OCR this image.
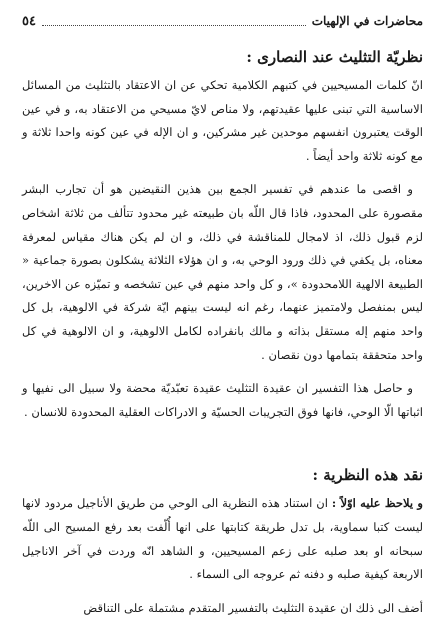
محاضرات في الإلهيات
٥٤
نظريّة التثليث عند النصارى :

انّ كلمات المسيحيين في كتبهم الكلامية تحكي عن ان الاعتقاد بالتثليث من المسائل الاساسية التي تبنى عليها عقيدتهم، ولا مناص لايّ مسيحي من الاعتقاد به، و في عين الوقت يعتبرون انفسهم موحدين غير مشركين، و ان الإله في عين كونه واحدا ثلاثة و مع كونه ثلاثة واحد أيضاً .

و اقصى ما عندهم في تفسير الجمع بين هذين النقيضين هو أن تجارب البشر مقصورة على المحدود، فاذا قال اللّه بان طبيعته غير محدود تتألف من ثلاثة اشخاص لزم قبول ذلك، اذ لامجال للمناقشة في ذلك، و ان لم يكن هناك مقياس لمعرفة معناه، بل يكفي في ذلك ورود الوحي به، و ان هؤلاء الثلاثة يشكلون بصورة جماعية « الطبيعة الالهية اللامحدودة »، و كل واحد منهم في عين تشخصه و تميّزه عن الاخرين، ليس بمنفصل ولامتميز عنهما، رغم انه ليست بينهم ايّة شركة في الالوهية، بل كل واحد منهم إله مستقل بذاته و مالك بانفراده لكامل الالوهية، و ان الالوهية في كل واحد متحققة بتمامها دون نقصان .

و حاصل هذا التفسير ان عقيدة التثليث عقيدة تعبّديّة محضة ولا سبيل الى نفيها و اثباتها الّا الوحي، فانها فوق التجريبات الحسيّة و الادراكات العقلية المحدودة للانسان .

نقد هذه النظرية :

و يلاحظ عليه اوّلاً : ان استناد هذه النظرية الى الوحي من طريق الأناجيل مردود لانها ليست كتبا سماوية، بل تدل طريقة كتابتها على انها أُلّفت بعد رفع المسيح الى اللّه سبحانه او بعد صلبه على زعم المسيحيين، و الشاهد انّه وردت في آخر الاناجيل الاربعة كيفية صلبه و دفنه ثم عروجه الى السماء .

أضف الى ذلك ان عقيدة التثليث بالتفسير المتقدم مشتملة على التناقض
